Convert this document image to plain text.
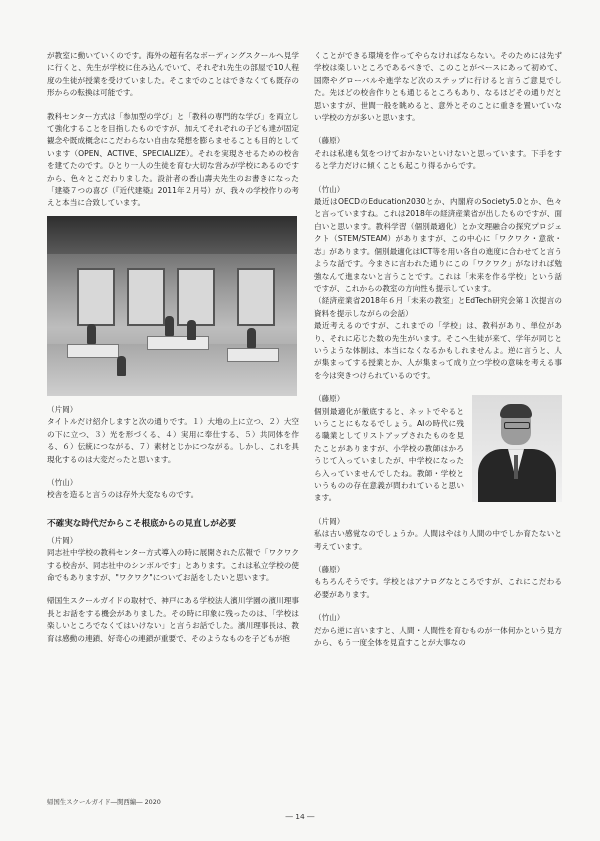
が教室に動いていくのです。海外の超有名なボーディングスクールへ見学に行くと、先生が学校に住み込んでいて、それぞれ先生の部屋で10人程度の生徒が授業を受けていました。そこまでのことはできなくても既存の形からの転換は可能です。

教科センター方式は「参加型の学び」と「教科の専門的な学び」を両立して強化することを目指したものですが、加えてそれぞれの子ども達が固定観念や既成概念にこだわらない自由な発想を膨らませることも目的としています（OPEN、ACTIVE、SPECIALIZE）。それを実現させるための校舎を建てたのです。ひとり一人の生徒を育む大切な営みが学校にあるのですから、色々とこだわりました。設計者の香山壽夫先生のお書きになった「建築７つの喜び（『近代建築』2011年２月号）が、我々の学校作りの考えと本当に合致しています。

（片岡）

タイトルだけ紹介しますと次の通りです。１）大地の上に立つ、２）大空の下に立つ、３）光を形づくる、４）実用に奉仕する、５）共同体を作る、６）伝統につながる、７）素材とじかにつながる。しかし、これを具現化するのは大変だったと思います。

（竹山）

校舎を造ると言うのは存外大変なものです。

不確実な時代だからこそ根底からの見直しが必要

（片岡）

同志社中学校の教科センター方式導入の時に展開された広報で「ワクワクする校舎が、同志社中のシンボルです」とあります。これは私立学校の使命でもありますが、"ワクワク"についてお話をしたいと思います。

帰国生スクールガイドの取材で、神戸にある学校法人濱川学園の濱川理事長とお話をする機会がありました。その時に印象に残ったのは、「学校は楽しいところでなくてはいけない」と言うお話でした。濱川理事長は、教育は感動の連鎖、好奇心の連鎖が重要で、そのようなものを子どもが抱

くことができる環境を作ってやらなければならない。そのためには先ず学校は楽しいところであるべきで、このことがベースにあって初めて、国際やグローバルや進学など次のステップに行けると言うご意見でした。先ほどの校舎作りとも通じるところもあり、なるほどその通りだと思いますが、世間一般を眺めると、意外とそのことに重きを置いていない学校の方が多いと思います。

（藤原）

それは私達も気をつけておかないといけないと思っています。下手をすると学力だけに傾くことも起こり得るからです。

（竹山）

最近はOECDのEducation2030とか、内閣府のSociety5.0とか、色々と言っていますね。これは2018年の経済産業省が出したものですが、面白いと思います。教科学習（個別最適化）とか文理融合の探究プロジェクト（STEM/STEAM）がありますが、この中心に「ワクワク・意欲・志」があります。個別最適化はICT等を用い各自の進度に合わせてと言うような話です。今まさに言われた通りにこの「ワクワク」がなければ勉強なんて進まないと言うことです。これは「未来を作る学校」という話ですが、これからの教室の方向性も提示しています。

（経済産業省2018年６月「未来の教室」とEdTech研究会第１次提言の資料を提示しながらの会話）

最近考えるのですが、これまでの「学校」は、教科があり、単位があり、それに応じた数の先生がいます。そこへ生徒が来て、学年が同じというような体制は、本当になくなるかもしれませんよ。逆に言うと、人が集まってする授業とか、人が集まって成り立つ学校の意味を考える事を今は突きつけられているのです。

（藤原）

個別最適化が徹底すると、ネットでやるということにもなるでしょう。AIの時代に残る職業としてリストアップされたものを見たことがありますが、小学校の教師はかろうじて入っていましたが、中学校になったら入っていませんでしたね。教師・学校というものの存在意義が問われていると思います。

（片岡）

私は古い感覚なのでしょうか。人間はやはり人間の中でしか育たないと考えています。

（藤原）

もちろんそうです。学校とはアナログなところですが、これにこだわる必要があります。

（竹山）

だから逆に言いますと、人間・人間性を育むものが一体何かという見方から、もう一度全体を見直すことが大事なの

帰国生スクールガイド―関西編― 2020
― 14 ―
